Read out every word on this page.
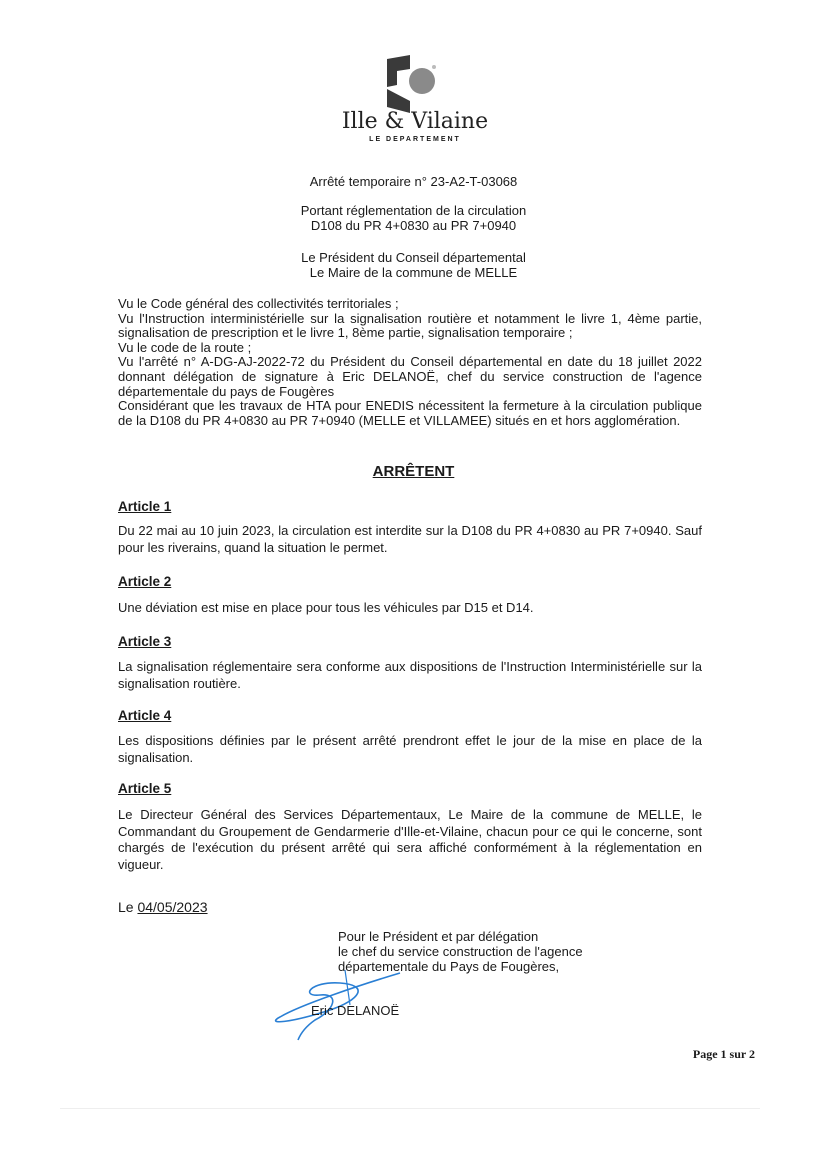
Ille & Vilaine
LE DEPARTEMENT
Arrêté temporaire n° 23-A2-T-03068
Portant réglementation de la circulation
D108 du PR 4+0830 au PR 7+0940
Le Président du Conseil départemental
Le Maire de la commune de MELLE
Vu le Code général des collectivités territoriales ;
Vu l'Instruction interministérielle sur la signalisation routière et notamment le livre 1, 4ème partie, signalisation de prescription et le livre 1, 8ème partie, signalisation temporaire ;
Vu le code de la route ;
Vu l'arrêté n° A-DG-AJ-2022-72 du Président du Conseil départemental en date du 18 juillet 2022 donnant délégation de signature à Eric DELANOË, chef du service construction de l'agence départementale du pays de Fougères
Considérant que les travaux de HTA pour ENEDIS nécessitent la fermeture à la circulation publique de la D108 du PR 4+0830 au PR 7+0940 (MELLE et VILLAMEE) situés en et hors agglomération.
ARRÊTENT
Article 1
Du 22 mai au 10 juin 2023, la circulation est interdite sur la D108 du PR 4+0830 au PR 7+0940. Sauf pour les riverains, quand la situation le permet.
Article 2
Une déviation est mise en place pour tous les véhicules par D15 et D14.
Article 3
La signalisation réglementaire sera conforme aux dispositions de l'Instruction Interministérielle sur la signalisation routière.
Article 4
Les dispositions définies par le présent arrêté prendront effet le jour de la mise en place de la signalisation.
Article 5
Le Directeur Général des Services Départementaux, Le Maire de la commune de MELLE, le Commandant du Groupement de Gendarmerie d'Ille-et-Vilaine, chacun pour ce qui le concerne, sont chargés de l'exécution du présent arrêté qui sera affiché conformément à la réglementation en vigueur.
Le 04/05/2023
Pour le Président et par délégation
le chef du service construction de l'agence
départementale du Pays de Fougères,
Eric DELANOË
Page 1 sur 2
